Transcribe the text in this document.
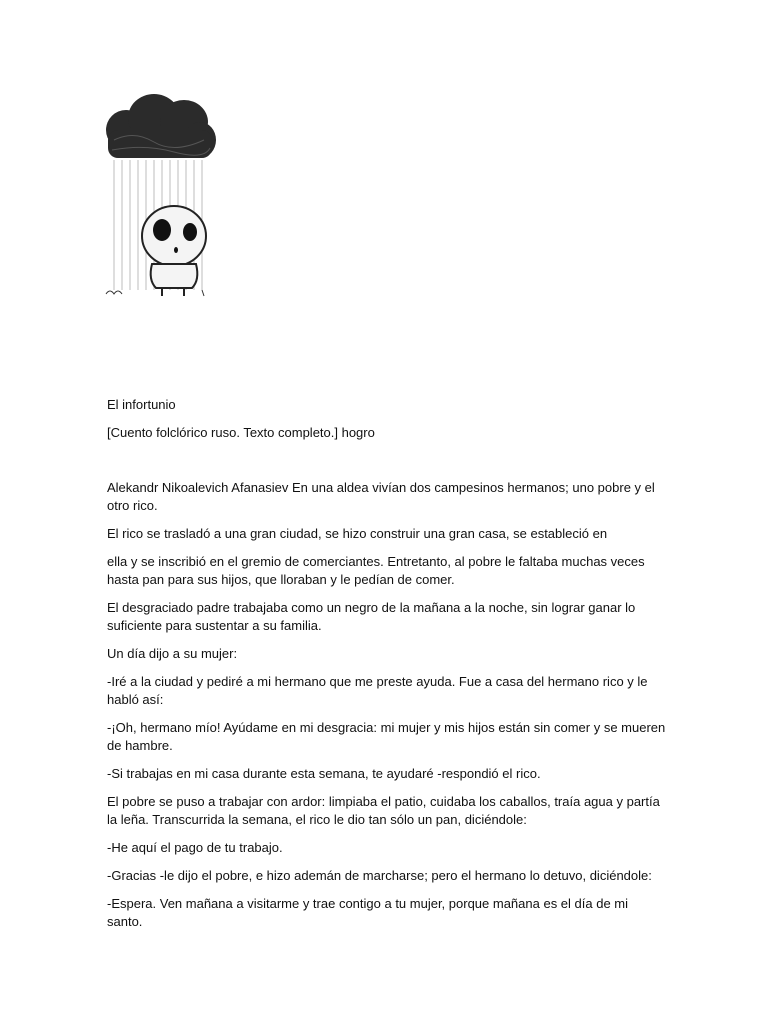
El infortunio

[Cuento folclórico ruso. Texto completo.] hogro

Alekandr Nikoalevich Afanasiev En una aldea vivían dos campesinos hermanos; uno pobre y el otro rico.

El rico se trasladó a una gran ciudad, se hizo construir una gran casa, se estableció en

ella y se inscribió en el gremio de comerciantes. Entretanto, al pobre le faltaba muchas veces hasta pan para sus hijos, que lloraban y le pedían de comer.

El desgraciado padre trabajaba como un negro de la mañana a la noche, sin lograr ganar lo suficiente para sustentar a su familia.

Un día dijo a su mujer:

-Iré a la ciudad y pediré a mi hermano que me preste ayuda. Fue a casa del hermano rico y le habló así:

-¡Oh, hermano mío! Ayúdame en mi desgracia: mi mujer y mis hijos están sin comer y se mueren de hambre.

-Si trabajas en mi casa durante esta semana, te ayudaré -respondió el rico.

El pobre se puso a trabajar con ardor: limpiaba el patio, cuidaba los caballos, traía agua y partía la leña. Transcurrida la semana, el rico le dio tan sólo un pan, diciéndole:

-He aquí el pago de tu trabajo.

-Gracias -le dijo el pobre, e hizo ademán de marcharse; pero el hermano lo detuvo, diciéndole:

-Espera. Ven mañana a visitarme y trae contigo a tu mujer, porque mañana es el día de mi santo.
